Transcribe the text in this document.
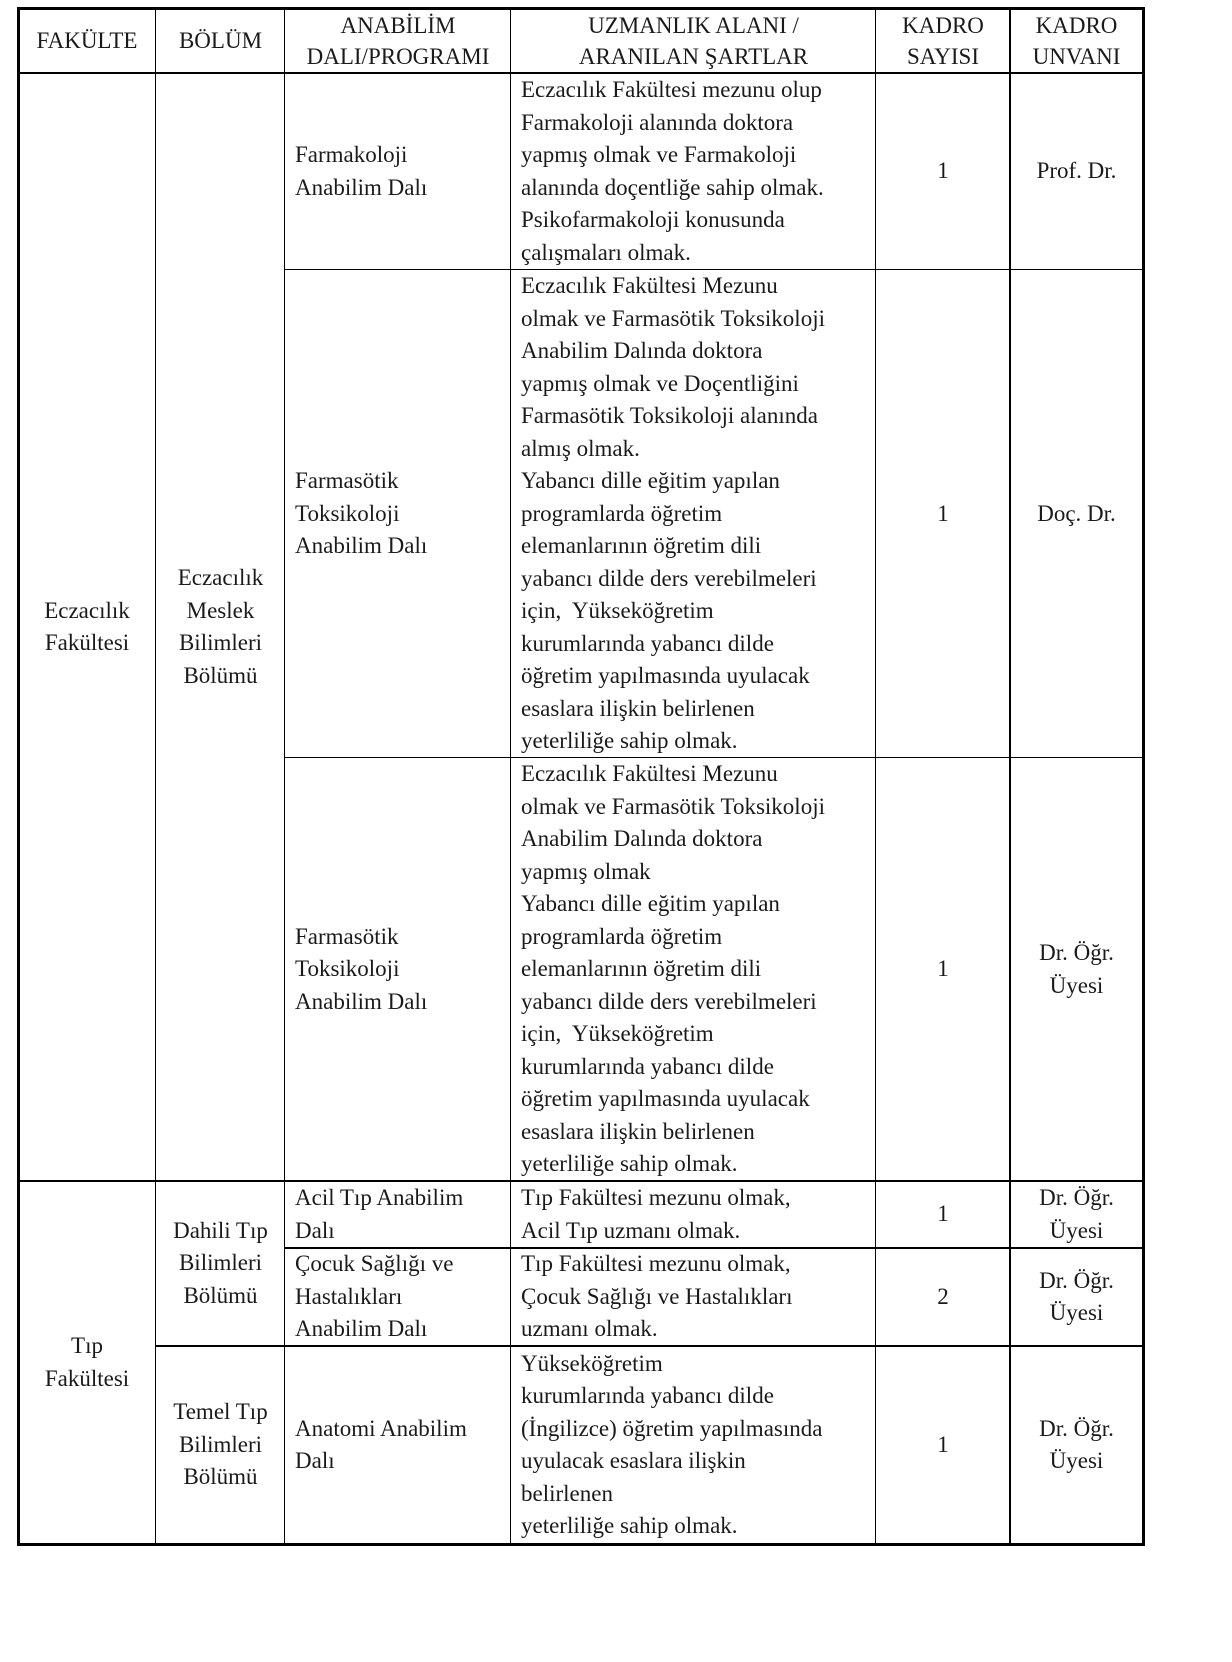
FAKÜLTE BÖLÜM
ANABİLİM
DALI/PROGRAMI
UZMANLIK ALANI /
ARANILAN ŞARTLAR
KADRO
SAYISI
KADRO
UNVANI
Eczacılık
Fakültesi
Eczacılık
Meslek
Bilimleri
Bölümü
Farmakoloji
Anabilim Dalı
Eczacılık Fakültesi mezunu olup
Farmakoloji alanında doktora
yapmış olmak ve Farmakoloji
alanında doçentliğe sahip olmak.
Psikofarmakoloji konusunda
çalışmaları olmak.
1	Prof. Dr.
Farmasötik
Toksikoloji
Anabilim Dalı
Eczacılık Fakültesi Mezunu
olmak ve Farmasötik Toksikoloji
Anabilim Dalında doktora
yapmış olmak ve Doçentliğini
Farmasötik Toksikoloji alanında
almış olmak.
Yabancı dille eğitim yapılan
programlarda öğretim
elemanlarının öğretim dili
yabancı dilde ders verebilmeleri
için,  Yükseköğretim
kurumlarında yabancı dilde
öğretim yapılmasında uyulacak
esaslara ilişkin belirlenen
yeterliliğe sahip olmak.
1	Doç. Dr.
Farmasötik
Toksikoloji
Anabilim Dalı
Eczacılık Fakültesi Mezunu
olmak ve Farmasötik Toksikoloji
Anabilim Dalında doktora
yapmış olmak
Yabancı dille eğitim yapılan
programlarda öğretim
elemanlarının öğretim dili
yabancı dilde ders verebilmeleri
için,  Yükseköğretim
kurumlarında yabancı dilde
öğretim yapılmasında uyulacak
esaslara ilişkin belirlenen
yeterliliğe sahip olmak.
1
Dr. Öğr.
Üyesi
Tıp
Fakültesi
Dahili Tıp
Bilimleri
Bölümü
Acil Tıp Anabilim
Dalı
Tıp Fakültesi mezunu olmak,
Acil Tıp uzmanı olmak.
1
Dr. Öğr.
Üyesi
Çocuk Sağlığı ve
Hastalıkları
Anabilim Dalı
Tıp Fakültesi mezunu olmak,
Çocuk Sağlığı ve Hastalıkları
uzmanı olmak.
2
Dr. Öğr.
Üyesi
Temel Tıp
Bilimleri
Bölümü
Anatomi Anabilim
Dalı
Yükseköğretim
kurumlarında yabancı dilde
(İngilizce) öğretim yapılmasında
uyulacak esaslara ilişkin
belirlenen
yeterliliğe sahip olmak.
1
Dr. Öğr.
Üyesi
